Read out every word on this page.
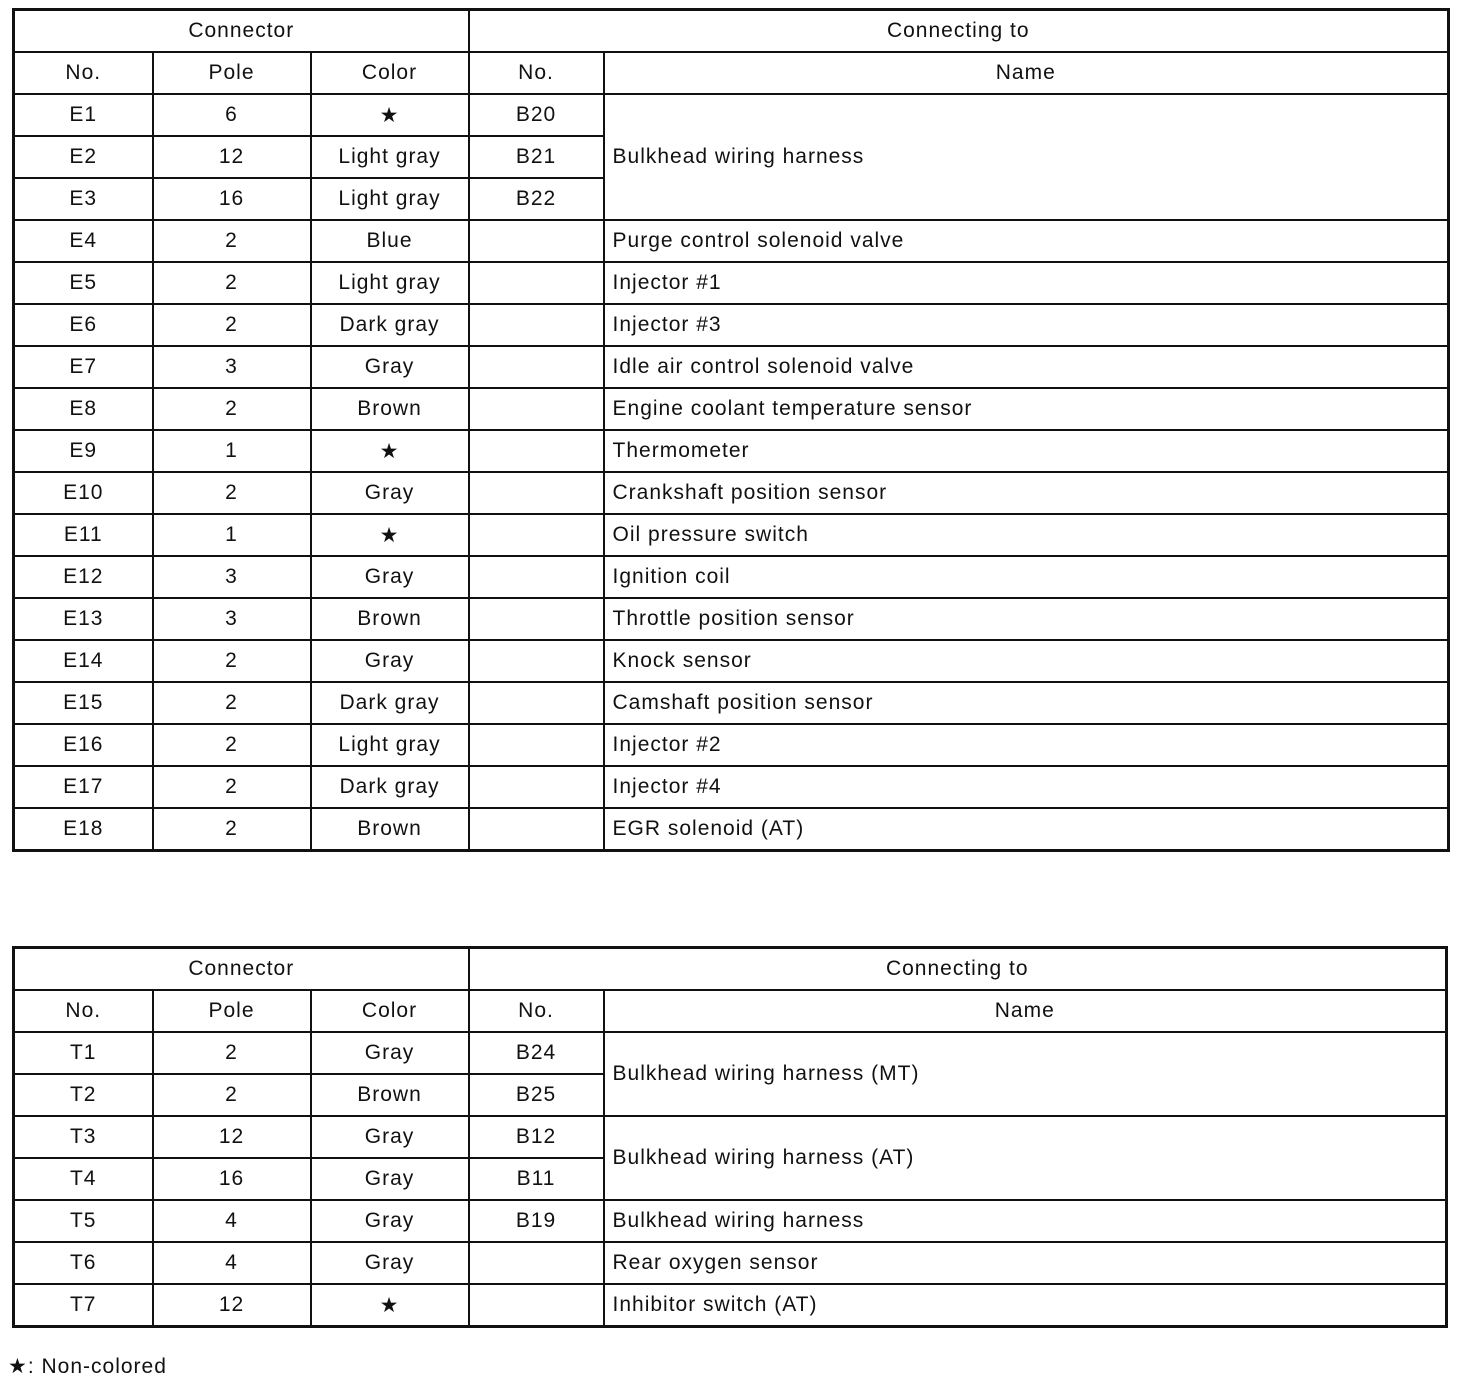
Connector			Connecting to	
No.	Pole	Color	No.	Name
E1	6	★	B20	Bulkhead wiring harness
E2	12	Light gray	B21	
E3	16	Light gray	B22	
E4	2	Blue		Purge control solenoid valve
E5	2	Light gray		Injector #1
E6	2	Dark gray		Injector #3
E7	3	Gray		Idle air control solenoid valve
E8	2	Brown		Engine coolant temperature sensor
E9	1	★		Thermometer
E10	2	Gray		Crankshaft position sensor
E11	1	★		Oil pressure switch
E12	3	Gray		Ignition coil
E13	3	Brown		Throttle position sensor
E14	2	Gray		Knock sensor
E15	2	Dark gray		Camshaft position sensor
E16	2	Light gray		Injector #2
E17	2	Dark gray		Injector #4
E18	2	Brown		EGR solenoid (AT)
Connector			Connecting to	
No.	Pole	Color	No.	Name
T1	2	Gray	B24	Bulkhead wiring harness (MT)
T2	2	Brown	B25	
T3	12	Gray	B12	Bulkhead wiring harness (AT)
T4	16	Gray	B11	
T5	4	Gray	B19	Bulkhead wiring harness
T6	4	Gray		Rear oxygen sensor
T7	12	★		Inhibitor switch (AT)
★: Non-colored
